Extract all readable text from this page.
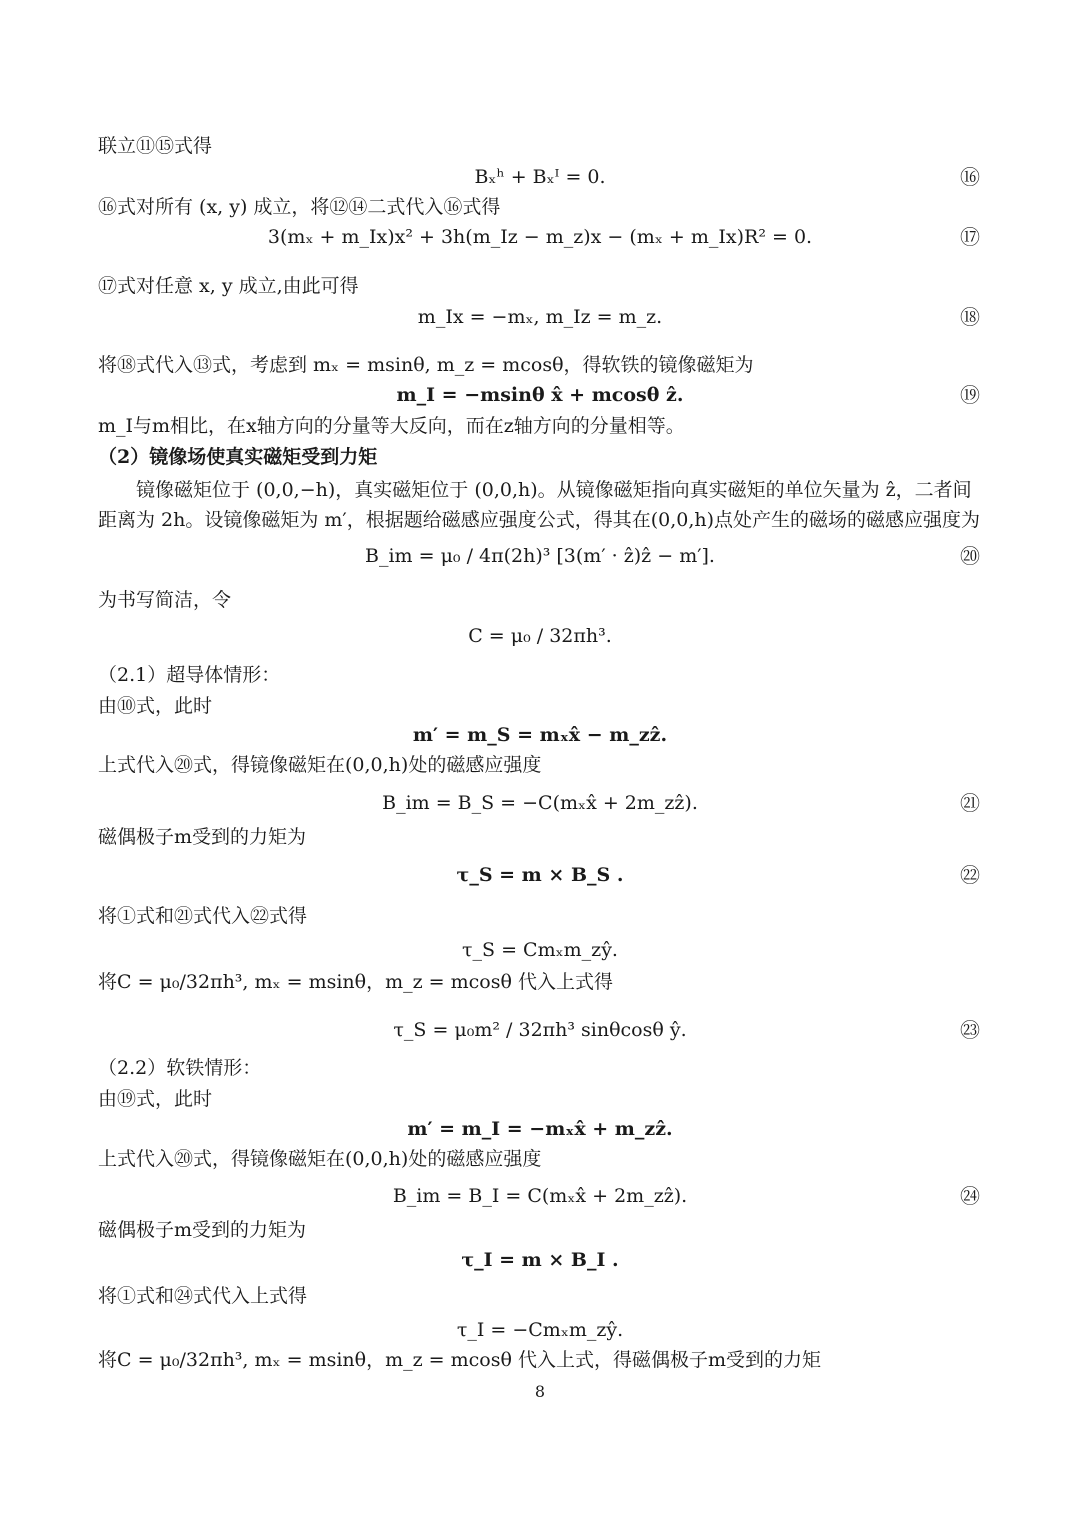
联立⑪⑮式得
Bₓʰ + Bₓᴵ = 0.	⑯
⑯式对所有 (x, y) 成立，将⑫⑭二式代入⑯式得
3(mₓ + m_Ix)x² + 3h(m_Iz − m_z)x − (mₓ + m_Ix)R² = 0.	⑰
⑰式对任意 x, y 成立,由此可得
m_Ix = −mₓ, m_Iz = m_z.	⑱
将⑱式代入⑬式，考虑到 mₓ = msinθ, m_z = mcosθ，得软铁的镜像磁矩为
m_I = −msinθ x̂ + mcosθ ẑ.	⑲
m_I与m相比，在x轴方向的分量等大反向，而在z轴方向的分量相等。
（2）镜像场使真实磁矩受到力矩
　　镜像磁矩位于 (0,0,−h)，真实磁矩位于 (0,0,h)。从镜像磁矩指向真实磁矩的单位矢量为 ẑ，二者间
距离为 2h。设镜像磁矩为 m′，根据题给磁感应强度公式，得其在(0,0,h)点处产生的磁场的磁感应强度为
B_im = μ₀ / 4π(2h)³ [3(m′ · ẑ)ẑ − m′].	⑳
为书写简洁，令
C = μ₀ / 32πh³.
（2.1）超导体情形：
由⑩式，此时
m′ = m_S = mₓx̂ − m_zẑ.
上式代入⑳式，得镜像磁矩在(0,0,h)处的磁感应强度
B_im = B_S = −C(mₓx̂ + 2m_zẑ).	㉑
磁偶极子m受到的力矩为
τ_S = m × B_S .	㉒
将①式和㉑式代入㉒式得
τ_S = Cmₓm_zŷ.
将C = μ₀/32πh³, mₓ = msinθ，m_z = mcosθ 代入上式得
τ_S = μ₀m² / 32πh³ sinθcosθ ŷ.	㉓
（2.2）软铁情形：
由⑲式，此时
m′ = m_I = −mₓx̂ + m_zẑ.
上式代入⑳式，得镜像磁矩在(0,0,h)处的磁感应强度
B_im = B_I = C(mₓx̂ + 2m_zẑ).	㉔
磁偶极子m受到的力矩为
τ_I = m × B_I .
将①式和㉔式代入上式得
τ_I = −Cmₓm_zŷ.
将C = μ₀/32πh³, mₓ = msinθ，m_z = mcosθ 代入上式，得磁偶极子m受到的力矩
8
